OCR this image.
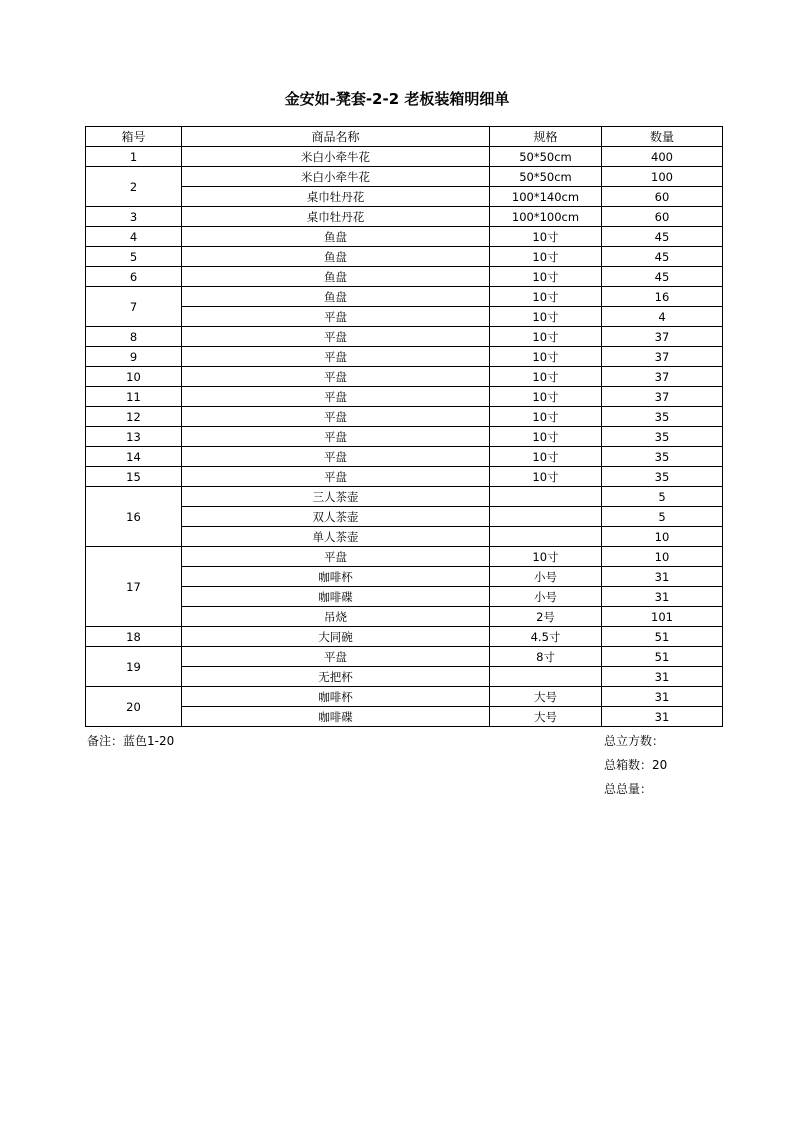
金安如-凳套-2-2 老板装箱明细单
箱号	商品名称	规格	数量
1	米白小牵牛花	50*50cm	400
2	米白小牵牛花	50*50cm	100
	桌巾牡丹花	100*140cm	60
3	桌巾牡丹花	100*100cm	60
4	鱼盘	10寸	45
5	鱼盘	10寸	45
6	鱼盘	10寸	45
7	鱼盘	10寸	16
	平盘	10寸	4
8	平盘	10寸	37
9	平盘	10寸	37
10	平盘	10寸	37
11	平盘	10寸	37
12	平盘	10寸	35
13	平盘	10寸	35
14	平盘	10寸	35
15	平盘	10寸	35
16	三人茶壶		5
	双人茶壶		5
	单人茶壶		10
17	平盘	10寸	10
	咖啡杯	小号	31
	咖啡碟	小号	31
	吊烧	2号	101
18	大同碗	4.5寸	51
19	平盘	8寸	51
	无把杯		31
20	咖啡杯	大号	31
	咖啡碟	大号	31
备注：蓝色1-20	总立方数：
总箱数：20
总总量：
